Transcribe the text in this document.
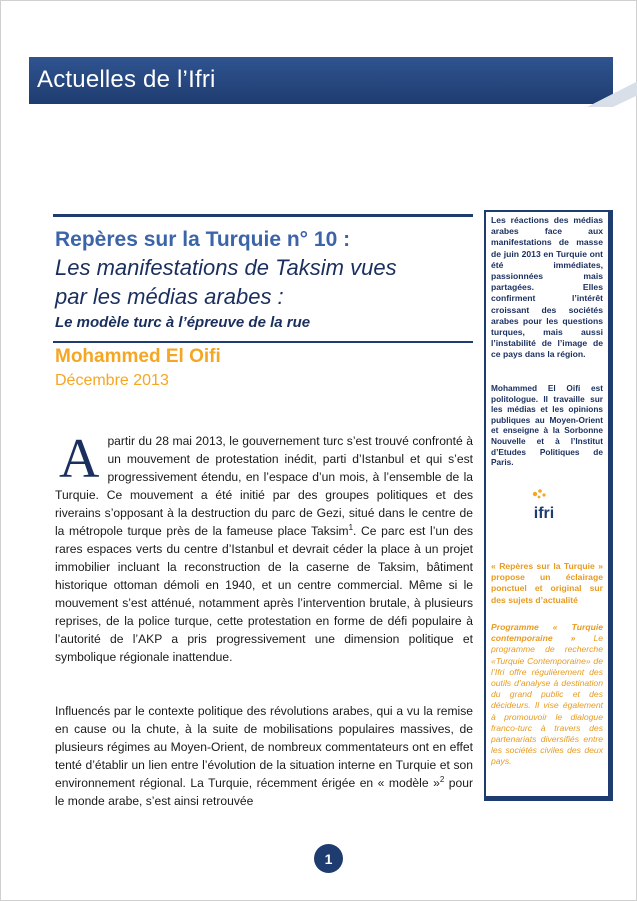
Actuelles de l’Ifri
Repères sur la Turquie n° 10 :
Les manifestations de Taksim vues
par les médias arabes :
Le modèle turc à l’épreuve de la rue
Mohammed El Oifi
Décembre 2013
Apartir du 28 mai 2013, le gouvernement turc s’est trouvé confronté à un mouvement de protestation inédit, parti d’Istanbul et qui s’est progressivement étendu, en l’espace d’un mois, à l’ensemble de la Turquie. Ce mouvement a été initié par des groupes politiques et des riverains s’opposant à la destruction du parc de Gezi, situé dans le centre de la métropole turque près de la fameuse place Taksim$^1$. Ce parc est l’un des rares espaces verts du centre d’Istanbul et devrait céder la place à un projet immobilier incluant la reconstruction de la caserne de Taksim, bâtiment historique ottoman démoli en 1940, et un centre commercial. Même si le mouvement s’est atténué, notamment après l’intervention brutale, à plusieurs reprises, de la police turque, cette protestation en forme de défi populaire à l’autorité de l’AKP a pris progressivement une dimension politique et symbolique régionale inattendue.
Influencés par le contexte politique des révolutions arabes, qui a vu la remise en cause ou la chute, à la suite de mobilisations populaires massives, de plusieurs régimes au Moyen-Orient, de nombreux commentateurs ont en effet tenté d’établir un lien entre l’évolution de la situation interne en Turquie et son environnement régional. La Turquie, récemment érigée en « modèle »$^2$ pour le monde arabe, s’est ainsi retrouvée
Les réactions des médias arabes face aux manifestations de masse de juin 2013 en Turquie ont été immédiates, passionnées mais partagées. Elles confirment l’intérêt croissant des sociétés arabes pour les questions turques, mais aussi l’instabilité de l’image de ce pays dans la région.
Mohammed El Oifi est politologue. Il travaille sur les médias et les opinions publiques au Moyen-Orient et enseigne à la Sorbonne Nouvelle et à l’Institut d’Etudes Politiques de Paris.
ifri
« Repères sur la Turquie » propose un éclairage ponctuel et original sur des sujets d’actualité
Programme « Turquie contemporaine » Le programme de recherche «Turquie Contemporaine» de l’Ifri offre régulièrement des outils d’analyse à destination du grand public et des décideurs. Il vise également à promouvoir le dialogue franco-turc à travers des partenariats diversifiés entre les sociétés civiles des deux pays.
1
